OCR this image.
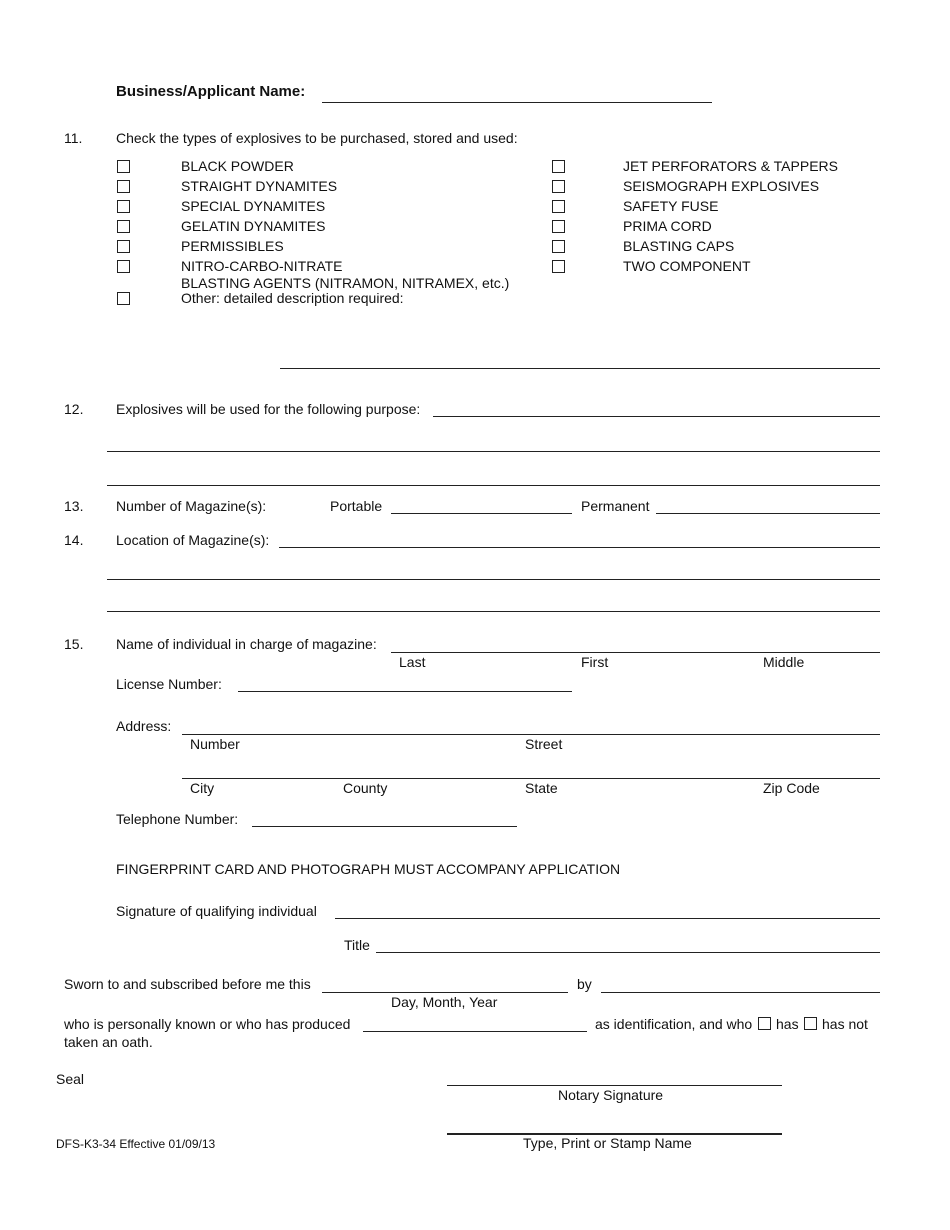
Business/Applicant Name:
11. Check the types of explosives to be purchased, stored and used:
BLACK POWDER
STRAIGHT DYNAMITES
SPECIAL DYNAMITES
GELATIN DYNAMITES
PERMISSIBLES
NITRO-CARBO-NITRATE
BLASTING AGENTS (NITRAMON, NITRAMEX, etc.)
Other: detailed description required:
JET PERFORATORS & TAPPERS
SEISMOGRAPH EXPLOSIVES
SAFETY FUSE
PRIMA CORD
BLASTING CAPS
TWO COMPONENT
12. Explosives will be used for the following purpose:
13. Number of Magazine(s):	Portable	Permanent
14. Location of Magazine(s):
15. Name of individual in charge of magazine:
Last	First	Middle
License Number:
Address:
Number	Street
City	County	State	Zip Code
Telephone Number:
FINGERPRINT CARD AND PHOTOGRAPH MUST ACCOMPANY APPLICATION
Signature of qualifying individual
Title
Sworn to and subscribed before me this	by
Day, Month, Year
who is personally known or who has produced	as identification, and who has has not
taken an oath.
Seal
Notary Signature
Type, Print or Stamp Name
DFS-K3-34 Effective 01/09/13
